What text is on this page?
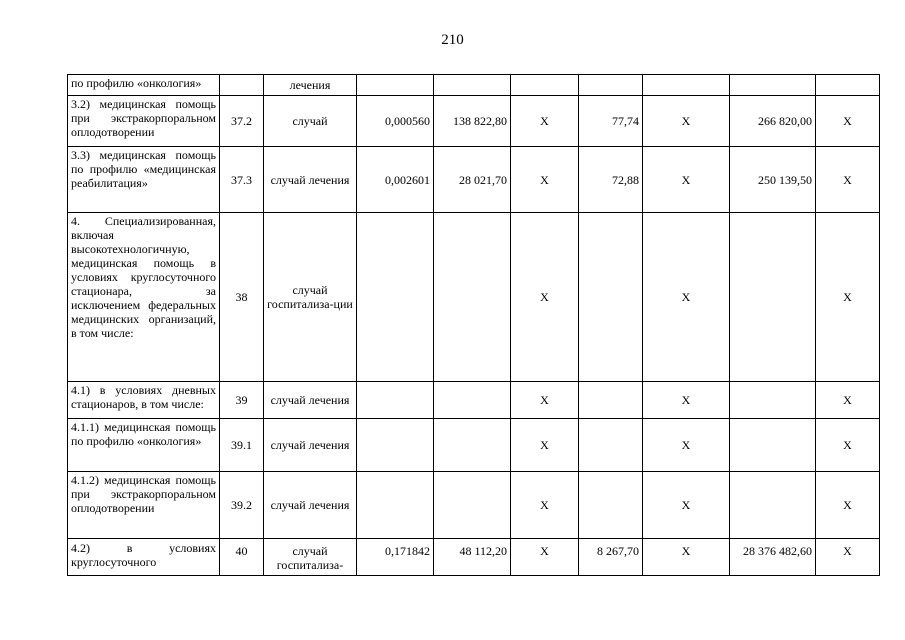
210
по профилю «онкология»		лечения							
3.2) медицинская помощь при экстракорпоральном оплодотворении	37.2	случай	0,000560	138 822,80	X	77,74	X	266 820,00	X
3.3) медицинская помощь по профилю «медицинская реабилитация»	37.3	случай лечения	0,002601	28 021,70	X	72,88	X	250 139,50	X
4. Специализированная, включая высокотехнологичную, медицинская помощь в условиях круглосуточного стационара, за исключением федеральных медицинских организаций, в том числе:	38	случай госпитализа-ции			X		X		X
4.1) в условиях дневных стационаров, в том числе:	39	случай лечения			X		X		X
4.1.1) медицинская помощь по профилю «онкология»	39.1	случай лечения			X		X		X
4.1.2) медицинская помощь при экстракорпоральном оплодотворении	39.2	случай лечения			X		X		X
4.2) в условиях круглосуточного	40	случай госпитализа-	0,171842	48 112,20	X	8 267,70	X	28 376 482,60	X
